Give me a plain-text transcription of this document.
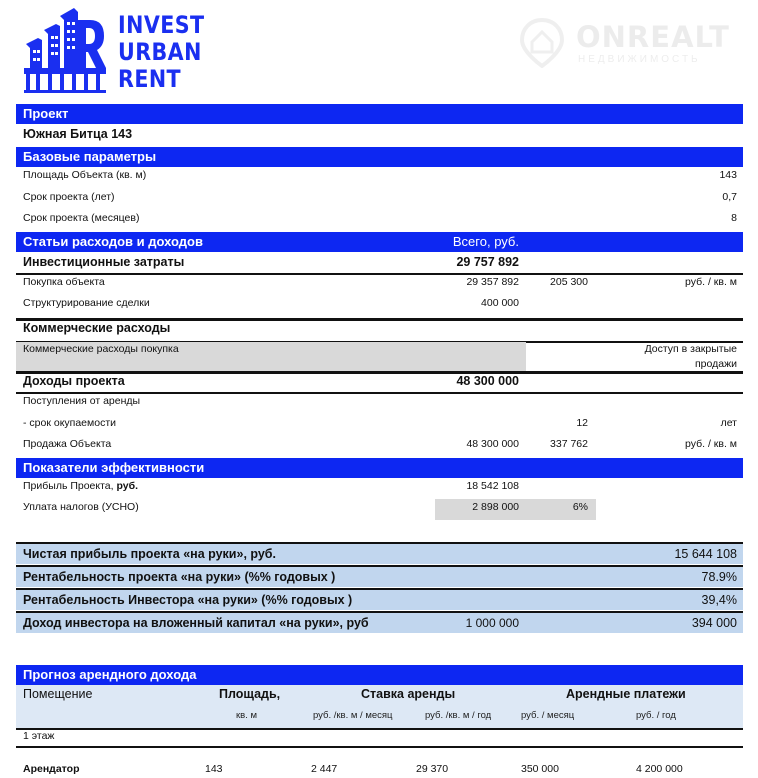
INVEST
URBAN
RENT
ONREALT
НЕДВИЖИМОСТЬ
Проект
Южная Битца 143
Базовые параметры
Площадь Объекта (кв. м)	143
Срок проекта (лет)	0,7
Срок проекта (месяцев)	8
Статьи расходов и доходов	Всего, руб.
Инвестиционные затраты	29 757 892
Покупка объекта	29 357 892	205 300	руб. / кв. м
Структурирование сделки	400 000
Коммерческие расходы
Коммерческие расходы покупка	Доступ в закрытые
продажи
Доходы проекта	48 300 000
Поступления от аренды
- срок окупаемости	12	лет
Продажа Объекта	48 300 000	337 762	руб. / кв. м
Показатели эффективности
Прибыль Проекта, руб.	18 542 108
Уплата налогов (УСНО)	2 898 000	6%
Чистая прибыль проекта «на руки», руб.	15 644 108
Рентабельность проекта «на руки» (%% годовых )	78.9%
Рентабельность Инвестора «на руки» (%% годовых )	39,4%
Доход инвестора на вложенный капитал «на руки», руб	1 000 000	394 000
Прогноз арендного дохода
Помещение	Площадь,
кв. м
Ставка аренды
руб. /кв. м / месяц	руб. /кв. м / год
Арендные платежи
руб. / месяц	руб. / год
1 этаж
Арендатор	143	2 447	29 370	350 000	4 200 000
